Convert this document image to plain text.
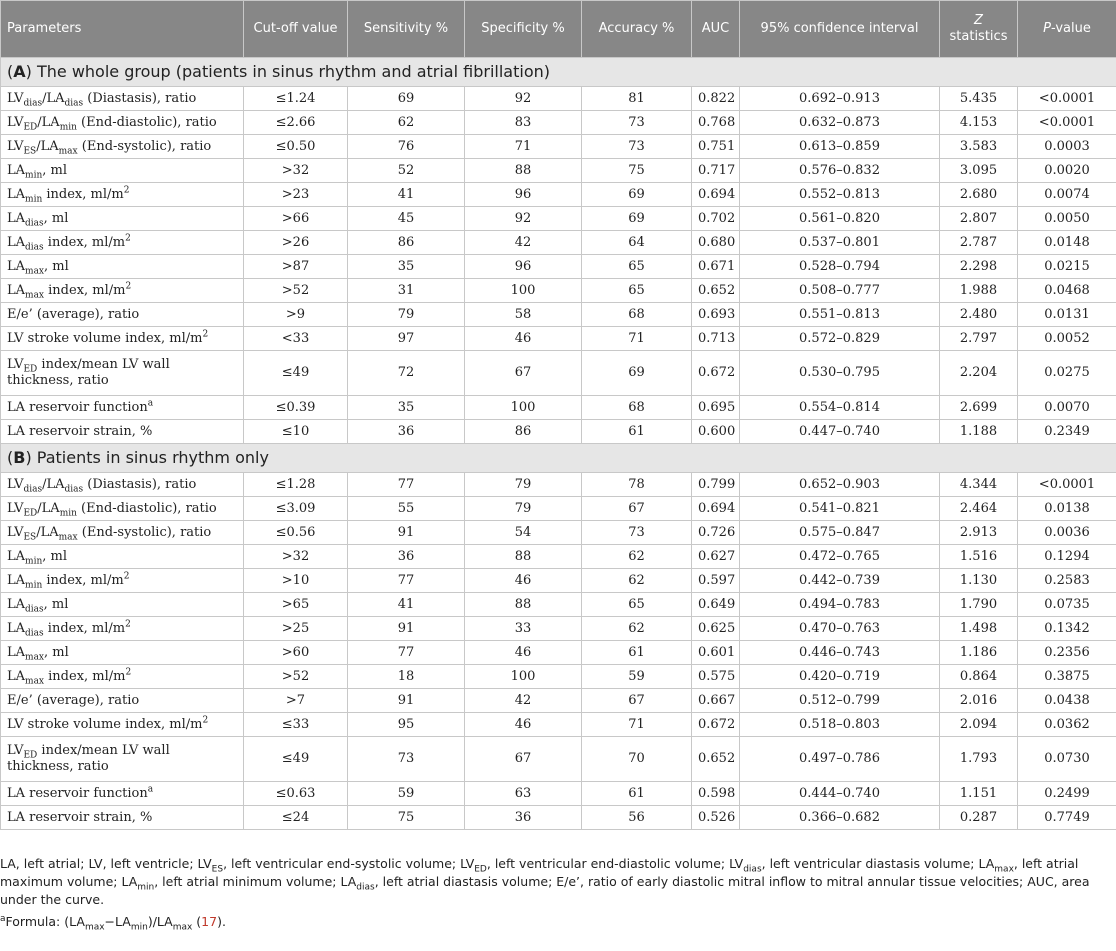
Parameters	Cut-off value	Sensitivity %	Specificity %	Accuracy %	AUC	95% confidence interval	Z statistics	P-value
(A) The whole group (patients in sinus rhythm and atrial fibrillation)								
$LV_{dias}/LA_{dias}$ (Diastasis), ratio	≤1.24	69	92	81	0.822	0.692–0.913	5.435	<0.0001
$LV_{ED}/LA_{min}$ (End-diastolic), ratio	≤2.66	62	83	73	0.768	0.632–0.873	4.153	<0.0001
$LV_{ES}/LA_{max}$ (End-systolic), ratio	≤0.50	76	71	73	0.751	0.613–0.859	3.583	0.0003
$LA_{min}$, ml	>32	52	88	75	0.717	0.576–0.832	3.095	0.0020
$LA_{min}$ index, $ml/m^2$	>23	41	96	69	0.694	0.552–0.813	2.680	0.0074
$LA_{dias}$, ml	>66	45	92	69	0.702	0.561–0.820	2.807	0.0050
$LA_{dias}$ index, $ml/m^2$	>26	86	42	64	0.680	0.537–0.801	2.787	0.0148
$LA_{max}$, ml	>87	35	96	65	0.671	0.528–0.794	2.298	0.0215
$LA_{max}$ index, $ml/m^2$	>52	31	100	65	0.652	0.508–0.777	1.988	0.0468
E/e’ (average), ratio	>9	79	58	68	0.693	0.551–0.813	2.480	0.0131
LV stroke volume index, $ml/m^2$	<33	97	46	71	0.713	0.572–0.829	2.797	0.0052
$LV_{ED}$ index/mean LV wall thickness, ratio	≤49	72	67	69	0.672	0.530–0.795	2.204	0.0275
LA reservoir function$^a$	≤0.39	35	100	68	0.695	0.554–0.814	2.699	0.0070
LA reservoir strain, %	≤10	36	86	61	0.600	0.447–0.740	1.188	0.2349
(B) Patients in sinus rhythm only								
$LV_{dias}/LA_{dias}$ (Diastasis), ratio	≤1.28	77	79	78	0.799	0.652–0.903	4.344	<0.0001
$LV_{ED}/LA_{min}$ (End-diastolic), ratio	≤3.09	55	79	67	0.694	0.541–0.821	2.464	0.0138
$LV_{ES}/LA_{max}$ (End-systolic), ratio	≤0.56	91	54	73	0.726	0.575–0.847	2.913	0.0036
$LA_{min}$, ml	>32	36	88	62	0.627	0.472–0.765	1.516	0.1294
$LA_{min}$ index, $ml/m^2$	>10	77	46	62	0.597	0.442–0.739	1.130	0.2583
$LA_{dias}$, ml	>65	41	88	65	0.649	0.494–0.783	1.790	0.0735
$LA_{dias}$ index, $ml/m^2$	>25	91	33	62	0.625	0.470–0.763	1.498	0.1342
$LA_{max}$, ml	>60	77	46	61	0.601	0.446–0.743	1.186	0.2356
$LA_{max}$ index, $ml/m^2$	>52	18	100	59	0.575	0.420–0.719	0.864	0.3875
E/e’ (average), ratio	>7	91	42	67	0.667	0.512–0.799	2.016	0.0438
LV stroke volume index, $ml/m^2$	≤33	95	46	71	0.672	0.518–0.803	2.094	0.0362
$LV_{ED}$ index/mean LV wall thickness, ratio	≤49	73	67	70	0.652	0.497–0.786	1.793	0.0730
LA reservoir function$^a$	≤0.63	59	63	61	0.598	0.444–0.740	1.151	0.2499
LA reservoir strain, %	≤24	75	36	56	0.526	0.366–0.682	0.287	0.7749
LA, left atrial; LV, left ventricle; $LV_{ES}$, left ventricular end-systolic volume; $LV_{ED}$, left ventricular end-diastolic volume; $LV_{dias}$, left ventricular diastasis volume; $LA_{max}$, left atrial maximum volume; $LA_{min}$, left atrial minimum volume; $LA_{dias}$, left atrial diastasis volume; E/e’, ratio of early diastolic mitral inflow to mitral annular tissue velocities; AUC, area under the curve.
$^a$Formula: $(LA_{max}-LA_{min})/LA_{max}$ (17).
